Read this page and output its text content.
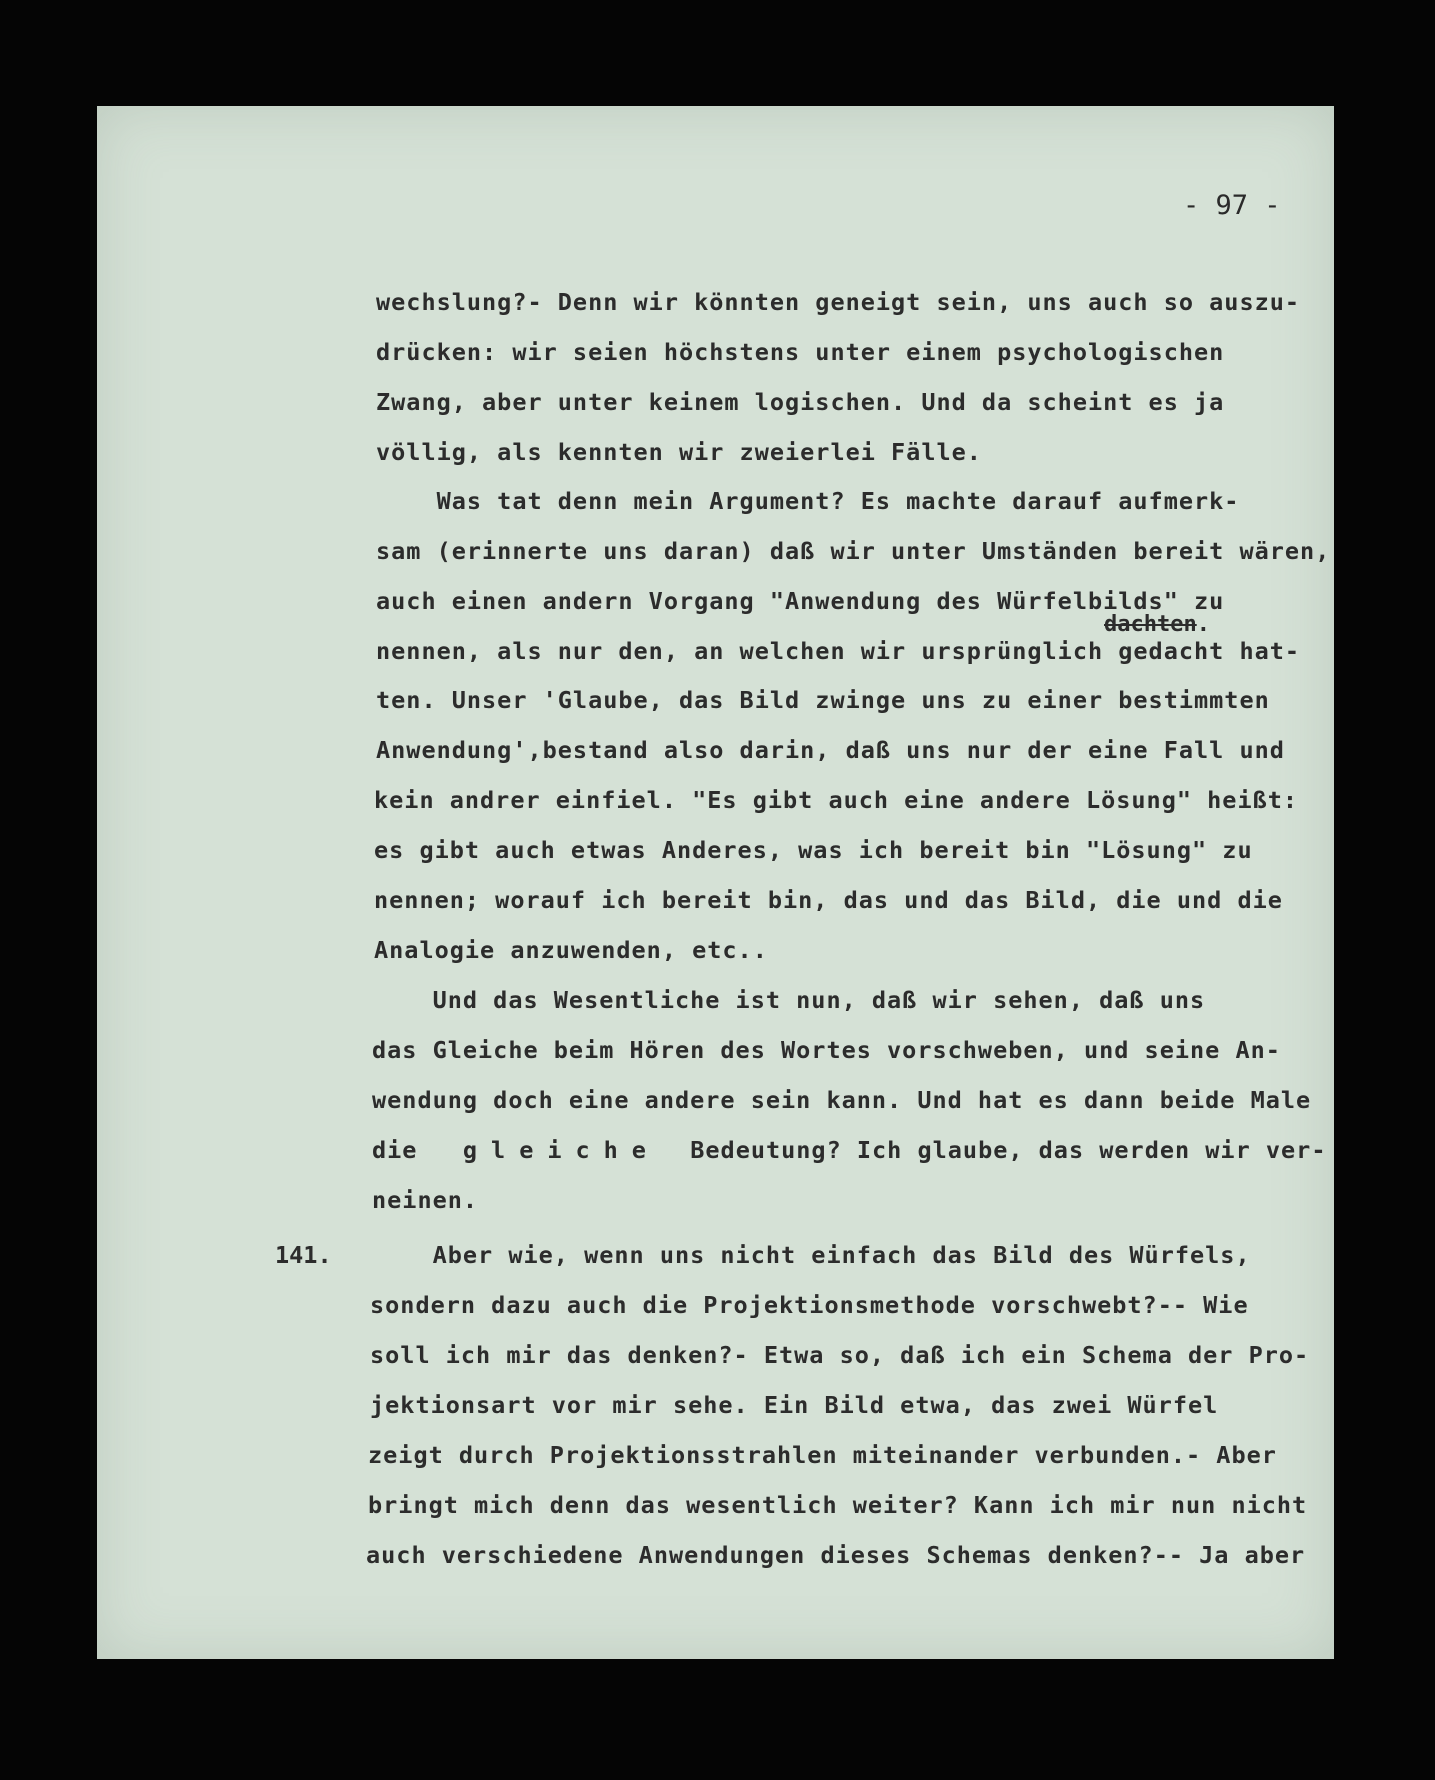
- 97 -
dachten.
wechslung?- Denn wir könnten geneigt sein, uns auch so auszu-
drücken: wir seien höchstens unter einem psychologischen
Zwang, aber unter keinem logischen. Und da scheint es ja
völlig, als kennten wir zweierlei Fälle.
Was tat denn mein Argument? Es machte darauf aufmerk-
sam (erinnerte uns daran) daß wir unter Umständen bereit wären,
auch einen andern Vorgang "Anwendung des Würfelbilds" zu
nennen, als nur den, an welchen wir ursprünglich gedacht hat-
ten. Unser 'Glaube, das Bild zwinge uns zu einer bestimmten
Anwendung',bestand also darin, daß uns nur der eine Fall und
kein andrer einfiel. "Es gibt auch eine andere Lösung" heißt:
es gibt auch etwas Anderes, was ich bereit bin "Lösung" zu
nennen; worauf ich bereit bin, das und das Bild, die und die
Analogie anzuwenden, etc..
Und das Wesentliche ist nun, daß wir sehen, daß uns
das Gleiche beim Hören des Wortes vorschweben, und seine An-
wendung doch eine andere sein kann. Und hat es dann beide Male
die gleiche Bedeutung? Ich glaube, das werden wir ver-
neinen.
141. Aber wie, wenn uns nicht einfach das Bild des Würfels,
sondern dazu auch die Projektionsmethode vorschwebt?-- Wie
soll ich mir das denken?- Etwa so, daß ich ein Schema der Pro-
jektionsart vor mir sehe. Ein Bild etwa, das zwei Würfel
zeigt durch Projektionsstrahlen miteinander verbunden.- Aber
bringt mich denn das wesentlich weiter? Kann ich mir nun nicht
auch verschiedene Anwendungen dieses Schemas denken?-- Ja aber
